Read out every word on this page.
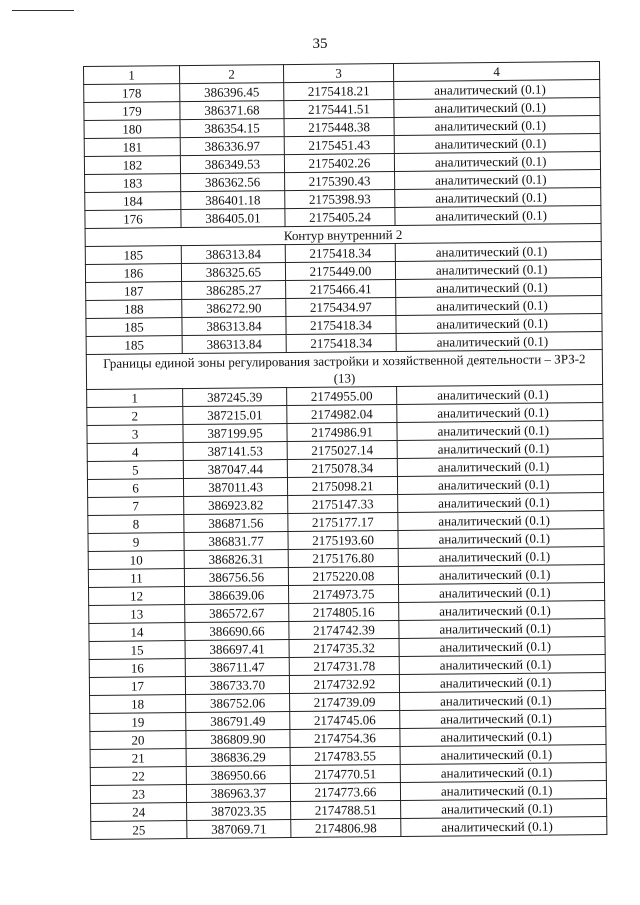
35
1	2	3	4
178	386396.45	2175418.21	аналитический (0.1)
179	386371.68	2175441.51	аналитический (0.1)
180	386354.15	2175448.38	аналитический (0.1)
181	386336.97	2175451.43	аналитический (0.1)
182	386349.53	2175402.26	аналитический (0.1)
183	386362.56	2175390.43	аналитический (0.1)
184	386401.18	2175398.93	аналитический (0.1)
176	386405.01	2175405.24	аналитический (0.1)
Контур внутренний 2			
185	386313.84	2175418.34	аналитический (0.1)
186	386325.65	2175449.00	аналитический (0.1)
187	386285.27	2175466.41	аналитический (0.1)
188	386272.90	2175434.97	аналитический (0.1)
185	386313.84	2175418.34	аналитический (0.1)
185	386313.84	2175418.34	аналитический (0.1)
Границы единой зоны регулирования застройки и хозяйственной деятельности – ЗРЗ-2 (13)			
1	387245.39	2174955.00	аналитический (0.1)
2	387215.01	2174982.04	аналитический (0.1)
3	387199.95	2174986.91	аналитический (0.1)
4	387141.53	2175027.14	аналитический (0.1)
5	387047.44	2175078.34	аналитический (0.1)
6	387011.43	2175098.21	аналитический (0.1)
7	386923.82	2175147.33	аналитический (0.1)
8	386871.56	2175177.17	аналитический (0.1)
9	386831.77	2175193.60	аналитический (0.1)
10	386826.31	2175176.80	аналитический (0.1)
11	386756.56	2175220.08	аналитический (0.1)
12	386639.06	2174973.75	аналитический (0.1)
13	386572.67	2174805.16	аналитический (0.1)
14	386690.66	2174742.39	аналитический (0.1)
15	386697.41	2174735.32	аналитический (0.1)
16	386711.47	2174731.78	аналитический (0.1)
17	386733.70	2174732.92	аналитический (0.1)
18	386752.06	2174739.09	аналитический (0.1)
19	386791.49	2174745.06	аналитический (0.1)
20	386809.90	2174754.36	аналитический (0.1)
21	386836.29	2174783.55	аналитический (0.1)
22	386950.66	2174770.51	аналитический (0.1)
23	386963.37	2174773.66	аналитический (0.1)
24	387023.35	2174788.51	аналитический (0.1)
25	387069.71	2174806.98	аналитический (0.1)
